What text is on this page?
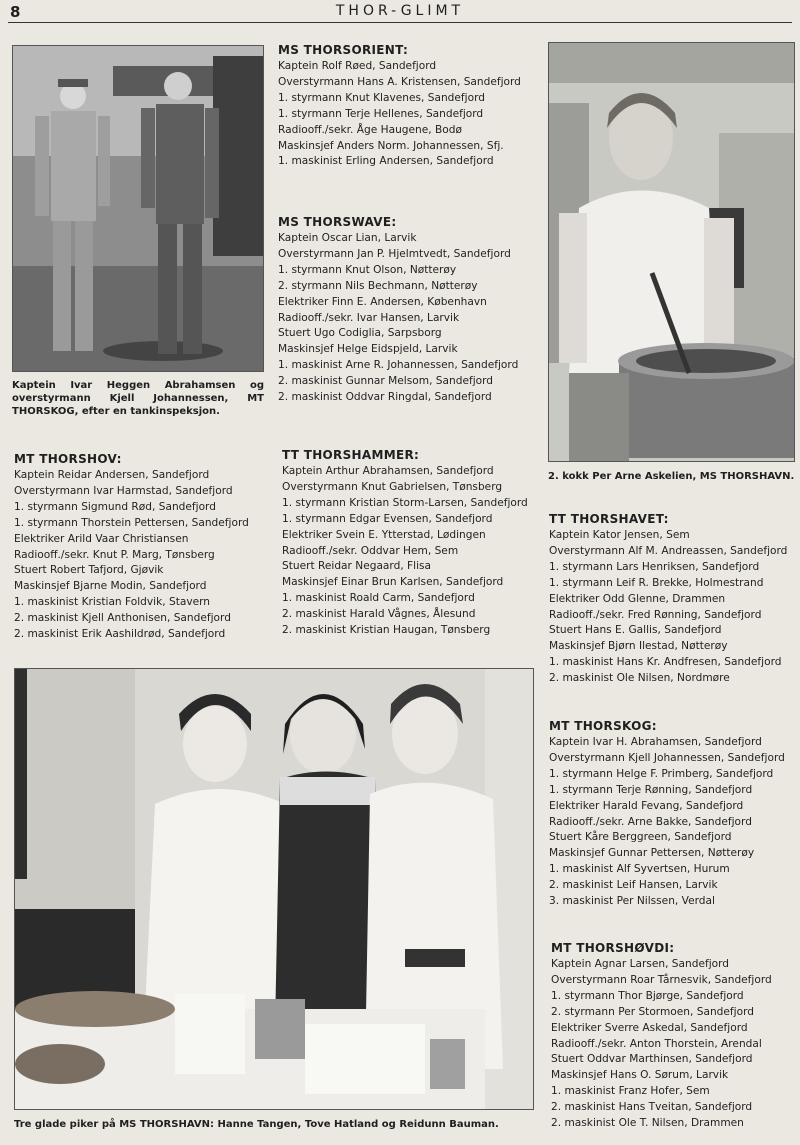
8	THOR-GLIMT
Kaptein Ivar Heggen Abrahamsen og overstyrmann Kjell Johannessen, MT THORSKOG, efter en tankinspeksjon.
MS THORSORIENT:
Kaptein Rolf Røed, Sandefjord
Overstyrmann Hans A. Kristensen, Sandefjord
1. styrmann Knut Klavenes, Sandefjord
1. styrmann Terje Hellenes, Sandefjord
Radiooff./sekr. Åge Haugene, Bodø
Maskinsjef Anders Norm. Johannessen, Sfj.
1. maskinist Erling Andersen, Sandefjord
MS THORSWAVE:
Kaptein Oscar Lian, Larvik
Overstyrmann Jan P. Hjelmtvedt, Sandefjord
1. styrmann Knut Olson, Nøtterøy
2. styrmann Nils Bechmann, Nøtterøy
Elektriker Finn E. Andersen, København
Radiooff./sekr. Ivar Hansen, Larvik
Stuert Ugo Codiglia, Sarpsborg
Maskinsjef Helge Eidspjeld, Larvik
1. maskinist Arne R. Johannessen, Sandefjord
2. maskinist Gunnar Melsom, Sandefjord
2. maskinist Oddvar Ringdal, Sandefjord
2. kokk Per Arne Askelien, MS THORSHAVN.
MT THORSHOV:
Kaptein Reidar Andersen, Sandefjord
Overstyrmann Ivar Harmstad, Sandefjord
1. styrmann Sigmund Rød, Sandefjord
1. styrmann Thorstein Pettersen, Sandefjord
Elektriker Arild Vaar Christiansen
Radiooff./sekr. Knut P. Marg, Tønsberg
Stuert Robert Tafjord, Gjøvik
Maskinsjef Bjarne Modin, Sandefjord
1. maskinist Kristian Foldvik, Stavern
2. maskinist Kjell Anthonisen, Sandefjord
2. maskinist Erik Aashildrød, Sandefjord
TT THORSHAMMER:
Kaptein Arthur Abrahamsen, Sandefjord
Overstyrmann Knut Gabrielsen, Tønsberg
1. styrmann Kristian Storm-Larsen, Sandefjord
1. styrmann Edgar Evensen, Sandefjord
Elektriker Svein E. Ytterstad, Lødingen
Radiooff./sekr. Oddvar Hem, Sem
Stuert Reidar Negaard, Flisa
Maskinsjef Einar Brun Karlsen, Sandefjord
1. maskinist Roald Carm, Sandefjord
2. maskinist Harald Vågnes, Ålesund
2. maskinist Kristian Haugan, Tønsberg
TT THORSHAVET:
Kaptein Kator Jensen, Sem
Overstyrmann Alf M. Andreassen, Sandefjord
1. styrmann Lars Henriksen, Sandefjord
1. styrmann Leif R. Brekke, Holmestrand
Elektriker Odd Glenne, Drammen
Radiooff./sekr. Fred Rønning, Sandefjord
Stuert Hans E. Gallis, Sandefjord
Maskinsjef Bjørn Ilestad, Nøtterøy
1. maskinist Hans Kr. Andfresen, Sandefjord
2. maskinist Ole Nilsen, Nordmøre
Tre glade piker på MS THORSHAVN: Hanne Tangen, Tove Hatland og Reidunn Bauman.
MT THORSKOG:
Kaptein Ivar H. Abrahamsen, Sandefjord
Overstyrmann Kjell Johannessen, Sandefjord
1. styrmann Helge F. Primberg, Sandefjord
1. styrmann Terje Rønning, Sandefjord
Elektriker Harald Fevang, Sandefjord
Radiooff./sekr. Arne Bakke, Sandefjord
Stuert Kåre Berggreen, Sandefjord
Maskinsjef Gunnar Pettersen, Nøtterøy
1. maskinist Alf Syvertsen, Hurum
2. maskinist Leif Hansen, Larvik
3. maskinist Per Nilssen, Verdal
MT THORSHØVDI:
Kaptein Agnar Larsen, Sandefjord
Overstyrmann Roar Tårnesvik, Sandefjord
1. styrmann Thor Bjørge, Sandefjord
2. styrmann Per Stormoen, Sandefjord
Elektriker Sverre Askedal, Sandefjord
Radiooff./sekr. Anton Thorstein, Arendal
Stuert Oddvar Marthinsen, Sandefjord
Maskinsjef Hans O. Sørum, Larvik
1. maskinist Franz Hofer, Sem
2. maskinist Hans Tveitan, Sandefjord
2. maskinist Ole T. Nilsen, Drammen
